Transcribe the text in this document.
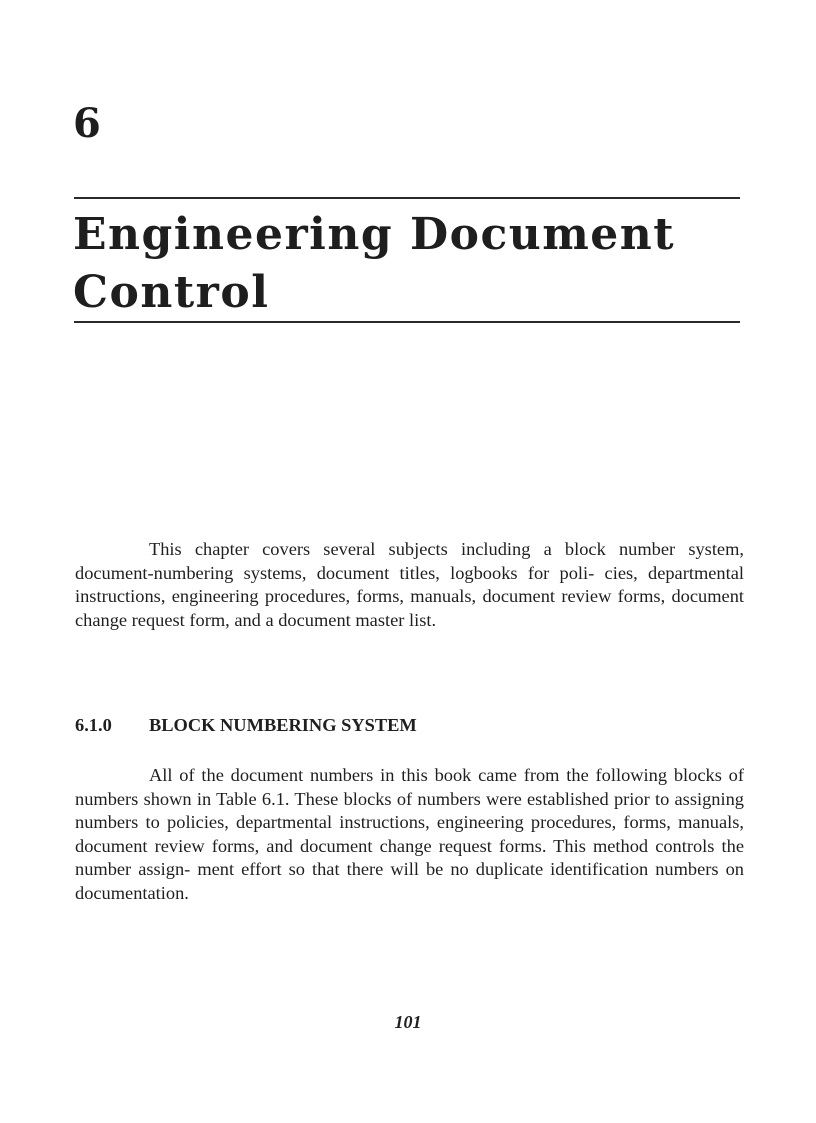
6
Engineering Document
Control

This chapter covers several subjects including a block number system, document-numbering systems, document titles, logbooks for poli- cies, departmental instructions, engineering procedures, forms, manuals, document review forms, document change request form, and a document master list.

6.1.0 BLOCK NUMBERING SYSTEM

All of the document numbers in this book came from the following blocks of numbers shown in Table 6.1. These blocks of numbers were established prior to assigning numbers to policies, departmental instructions, engineering procedures, forms, manuals, document review forms, and document change request forms. This method controls the number assign- ment effort so that there will be no duplicate identification numbers on documentation.

101
